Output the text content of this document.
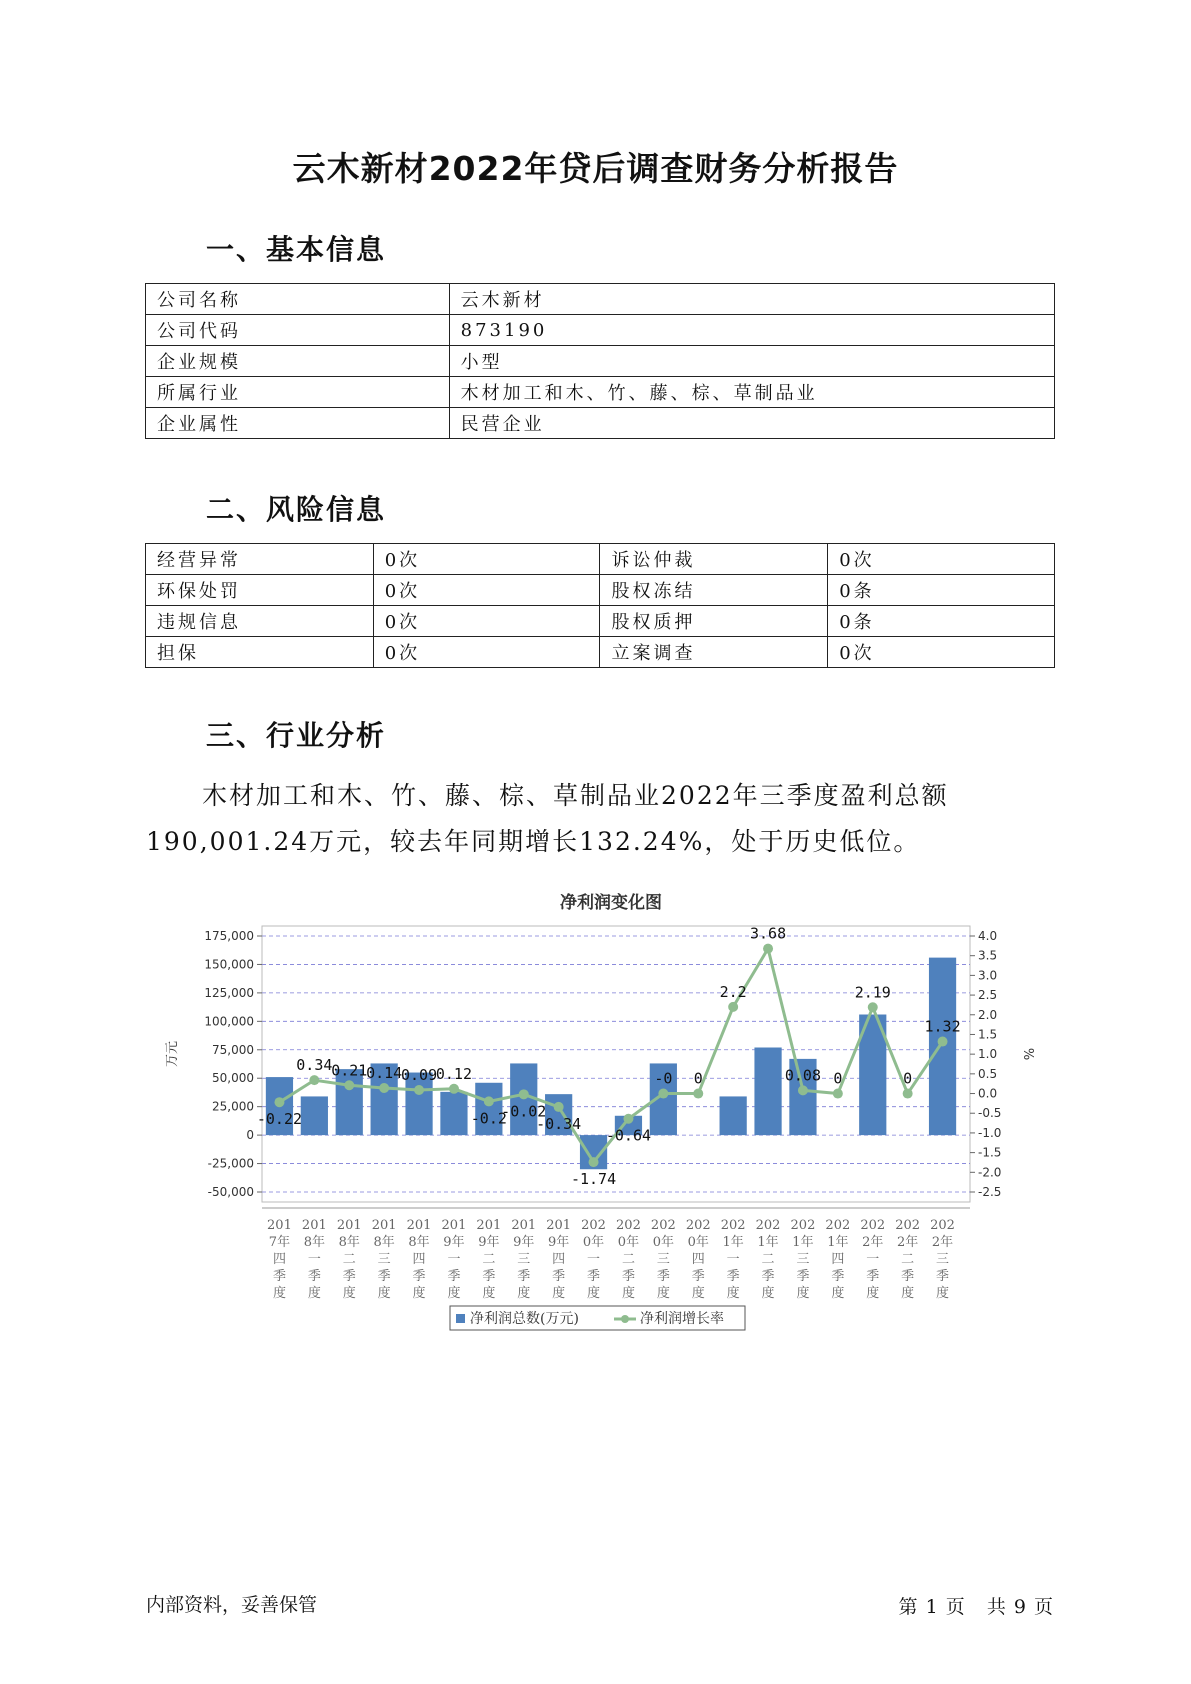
云木新材2022年贷后调查财务分析报告
一、基本信息
公司名称	云木新材
公司代码	873190
企业规模	小型
所属行业	木材加工和木、竹、藤、棕、草制品业
企业属性	民营企业
二、风险信息
经营异常	0次	诉讼仲裁	0次
环保处罚	0次	股权冻结	0条
违规信息	0次	股权质押	0条
担保	0次	立案调查	0次
三、行业分析
木材加工和木、竹、藤、棕、草制品业2022年三季度盈利总额
190,001.24万元，较去年同期增长132.24%，处于历史低位。
净利润变化图
-50,000
-25,000
0
25,000
50,000
75,000
100,000
125,000
150,000
175,000
-2.5
-2.0
-1.5
-1.0
-0.5
0.0
0.5
1.0
1.5
2.0
2.5
3.0
3.5
4.0
万元	%
-0.22
0.34
0.21
0.14
0.09
0.12
-0.2
-0.02
-0.34
-1.74
-0.64
-0 0
2.2
3.68
0.08 0
2.19
0
1.32
201
7年
四
季
度
201
8年
一
季
度
201
8年
二
季
度
201
8年
三
季
度
201
8年
四
季
度
201
9年
一
季
度
201
9年
二
季
度
201
9年
三
季
度
201
9年
四
季
度
202
0年
一
季
度
202
0年
二
季
度
202
0年
三
季
度
202
0年
四
季
度
202
1年
一
季
度
202
1年
二
季
度
202
1年
三
季
度
202
1年
四
季
度
202
2年
一
季
度
202
2年
二
季
度
202
2年
三
季
度
净利润总数(万元)	净利润增长率
内部资料，妥善保管	第 1 页   共 9 页
